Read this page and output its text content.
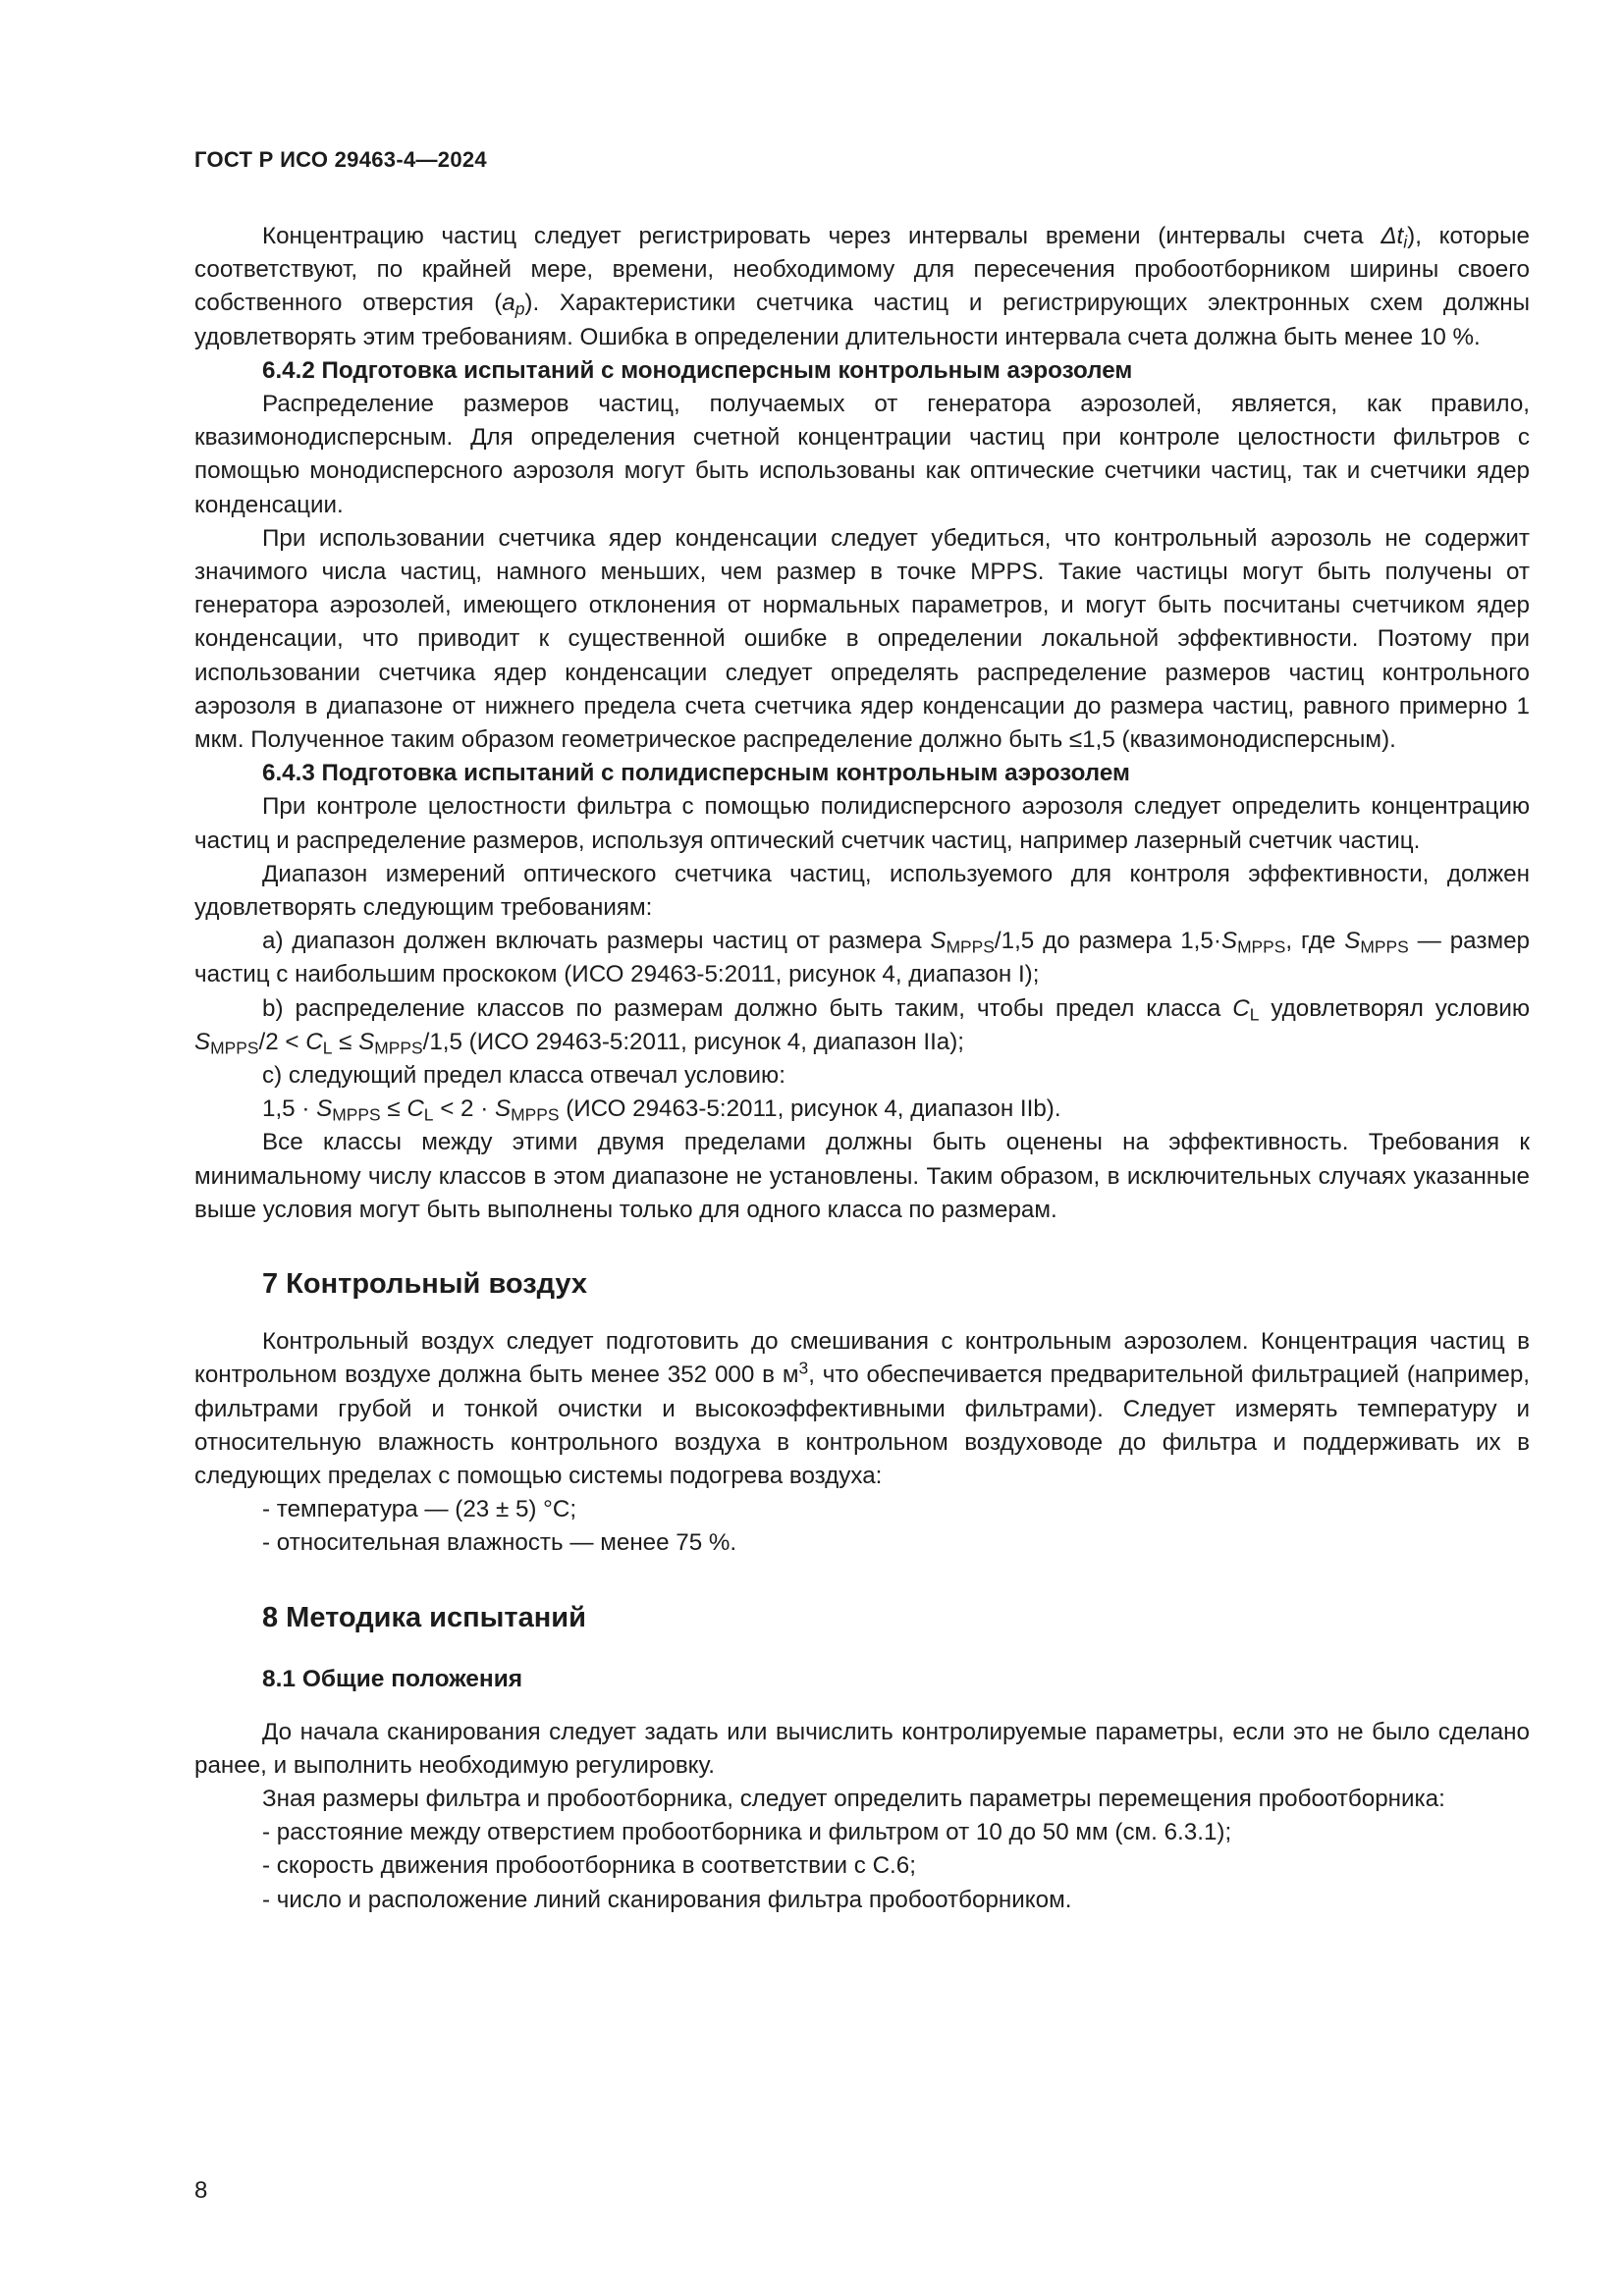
ГОСТ Р ИСО 29463-4—2024

Концентрацию частиц следует регистрировать через интервалы времени (интервалы счета $\Delta t_i$), которые соответствуют, по крайней мере, времени, необходимому для пересечения пробоотборником ширины своего собственного отверстия $(a_p)$. Характеристики счетчика частиц и регистрирующих электронных схем должны удовлетворять этим требованиям. Ошибка в определении длительности интервала счета должна быть менее 10 %.

6.4.2 Подготовка испытаний с монодисперсным контрольным аэрозолем

Распределение размеров частиц, получаемых от генератора аэрозолей, является, как правило, квазимонодисперсным. Для определения счетной концентрации частиц при контроле целостности фильтров с помощью монодисперсного аэрозоля могут быть использованы как оптические счетчики частиц, так и счетчики ядер конденсации.

При использовании счетчика ядер конденсации следует убедиться, что контрольный аэрозоль не содержит значимого числа частиц, намного меньших, чем размер в точке MPPS. Такие частицы могут быть получены от генератора аэрозолей, имеющего отклонения от нормальных параметров, и могут быть посчитаны счетчиком ядер конденсации, что приводит к существенной ошибке в определении локальной эффективности. Поэтому при использовании счетчика ядер конденсации следует определять распределение размеров частиц контрольного аэрозоля в диапазоне от нижнего предела счета счетчика ядер конденсации до размера частиц, равного примерно 1 мкм. Полученное таким образом геометрическое распределение должно быть ≤1,5 (квазимонодисперсным).

6.4.3 Подготовка испытаний с полидисперсным контрольным аэрозолем

При контроле целостности фильтра с помощью полидисперсного аэрозоля следует определить концентрацию частиц и распределение размеров, используя оптический счетчик частиц, например лазерный счетчик частиц.

Диапазон измерений оптического счетчика частиц, используемого для контроля эффективности, должен удовлетворять следующим требованиям:

a) диапазон должен включать размеры частиц от размера $S_{MPPS}/1,5$ до размера $1,5\cdot S_{MPPS}$, где $S_{MPPS}$ — размер частиц с наибольшим проскоком (ИСО 29463-5:2011, рисунок 4, диапазон I);

b) распределение классов по размерам должно быть таким, чтобы предел класса $C_L$ удовлетворял условию $S_{MPPS}/2 < C_L \le S_{MPPS}/1,5$ (ИСО 29463-5:2011, рисунок 4, диапазон IIa);

c) следующий предел класса отвечал условию:

$1,5 \cdot S_{MPPS} \le C_L < 2 \cdot S_{MPPS}$ (ИСО 29463-5:2011, рисунок 4, диапазон IIb).

Все классы между этими двумя пределами должны быть оценены на эффективность. Требования к минимальному числу классов в этом диапазоне не установлены. Таким образом, в исключительных случаях указанные выше условия могут быть выполнены только для одного класса по размерам.

7 Контрольный воздух

Контрольный воздух следует подготовить до смешивания с контрольным аэрозолем. Концентрация частиц в контрольном воздухе должна быть менее 352 000 в $м^3$, что обеспечивается предварительной фильтрацией (например, фильтрами грубой и тонкой очистки и высокоэффективными фильтрами). Следует измерять температуру и относительную влажность контрольного воздуха в контрольном воздуховоде до фильтра и поддерживать их в следующих пределах с помощью системы подогрева воздуха:

- температура — (23 ± 5) °C;

- относительная влажность — менее 75 %.

8 Методика испытаний
8.1 Общие положения

До начала сканирования следует задать или вычислить контролируемые параметры, если это не было сделано ранее, и выполнить необходимую регулировку.

Зная размеры фильтра и пробоотборника, следует определить параметры перемещения пробоотборника:

- расстояние между отверстием пробоотборника и фильтром от 10 до 50 мм (см. 6.3.1);

- скорость движения пробоотборника в соответствии с С.6;

- число и расположение линий сканирования фильтра пробоотборником.

8
